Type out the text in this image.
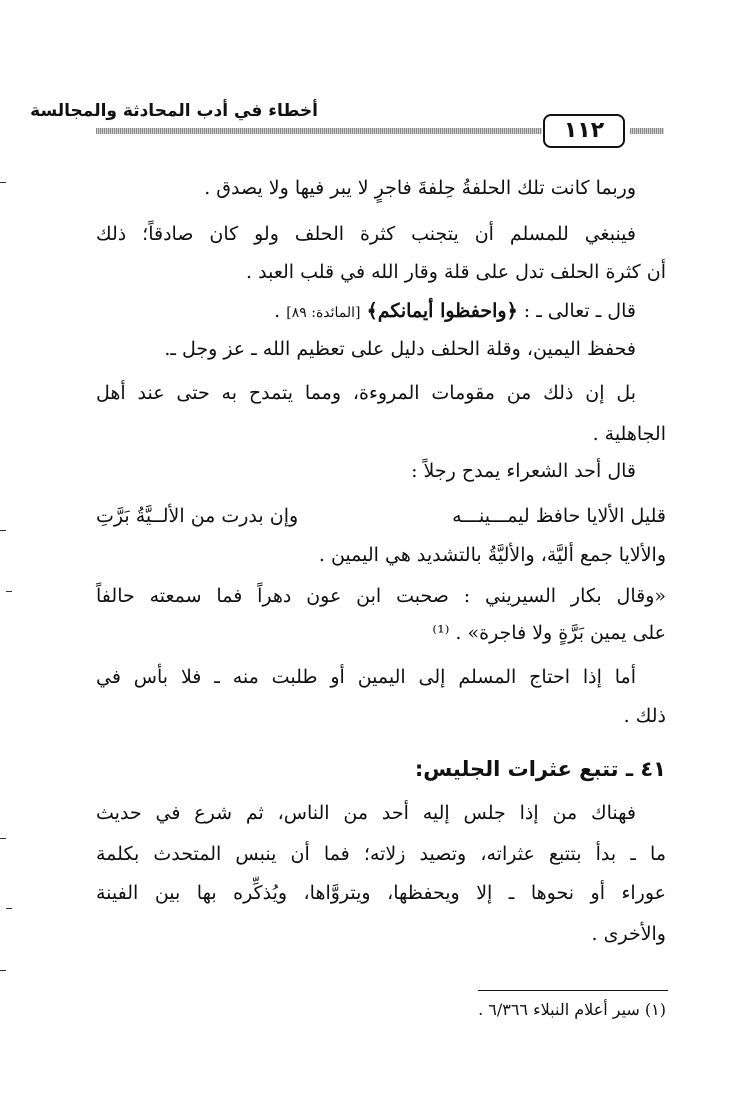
أخطاء في أدب المحادثة والمجالسة
١١٢
وربما كانت تلك الحلفةُ حِلفةَ فاجرٍ لا يبر فيها ولا يصدق .
فينبغي للمسلم أن يتجنب كثرة الحلف ولو كان صادقاً؛ ذلك
أن كثرة الحلف تدل على قلة وقار الله في قلب العبد .
قال ـ تعالى ـ : ﴿واحفظوا أيمانكم﴾ [المائدة: ٨٩] .
فحفظ اليمين، وقلة الحلف دليل على تعظيم الله ـ عز وجل ـ.
بل إن ذلك من مقومات المروءة، ومما يتمدح به حتى عند أهل
الجاهلية .
قال أحد الشعراء يمدح رجلاً :
قليل الألايا حافظ ليمـــينـــه
وإن بدرت من الألــيَّةُ بَرَّتِ
والألايا جمع أليَّة، والأليَّةُ بالتشديد هي اليمين .
«وقال بكار السيريني : صحبت ابن عون دهراً فما سمعته حالفاً
على يمين بَرَّةٍ ولا فاجرة» . ⁽¹⁾
أما إذا احتاج المسلم إلى اليمين أو طلبت منه ـ فلا بأس في
ذلك .
٤١ ـ تتبع عثرات الجليس:
فهناك من إذا جلس إليه أحد من الناس، ثم شرع في حديث
ما ـ بدأ بتتبع عثراته، وتصيد زلاته؛ فما أن ينبس المتحدث بكلمة
عوراء أو نحوها ـ إلا ويحفظها، ويتروَّاها، ويُذكِّره بها بين الفينة
والأخرى .
(١) سير أعلام النبلاء ٦/٣٦٦ .
